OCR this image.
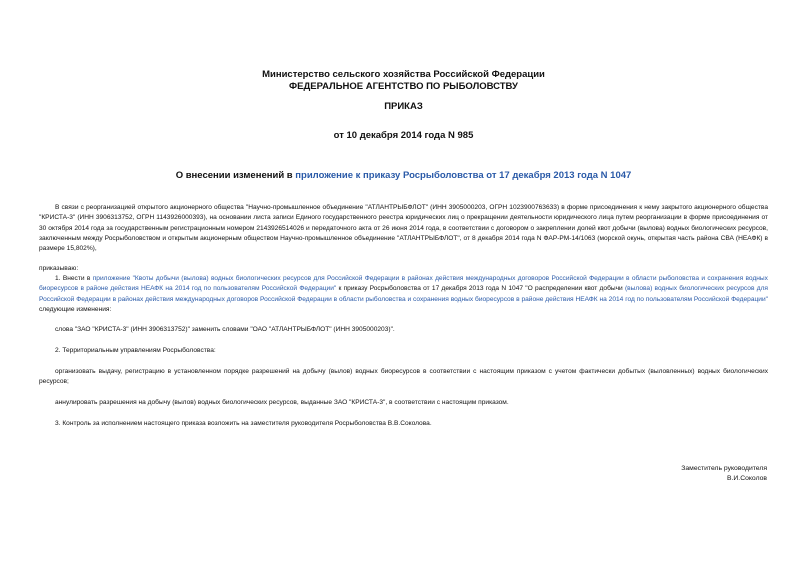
Министерство сельского хозяйства Российской Федерации
ФЕДЕРАЛЬНОЕ АГЕНТСТВО ПО РЫБОЛОВСТВУ
ПРИКАЗ
от 10 декабря 2014 года N 985
О внесении изменений в приложение к приказу Росрыболовства от 17 декабря 2013 года N 1047

В связи с реорганизацией открытого акционерного общества "Научно-промышленное объединение "АТЛАНТРЫБФЛОТ" (ИНН 3905000203, ОГРН 1023900763633) в форме присоединения к нему закрытого акционерного общества "КРИСТА-3" (ИНН 3906313752, ОГРН 1143926000393), на основании листа записи Единого государственного реестра юридических лиц о прекращении деятельности юридического лица путем реорганизации в форме присоединения от 30 октября 2014 года за государственным регистрационным номером 2143926514026 и передаточного акта от 26 июня 2014 года, в соответствии с договором о закреплении долей квот добычи (вылова) водных биологических ресурсов, заключенным между Росрыболовством и открытым акционерным обществом Научно-промышленное объединение "АТЛАНТРЫБФЛОТ", от 8 декабря 2014 года N ФАР-РМ-14/1063 (морской окунь, открытая часть района СВА (НЕАФК) в размере 15,802%),

приказываю:

1. Внести в приложение "Квоты добычи (вылова) водных биологических ресурсов для Российской Федерации в районах действия международных договоров Российской Федерации в области рыболовства и сохранения водных биоресурсов в районе действия НЕАФК на 2014 год по пользователям Российской Федерации" к приказу Росрыболовства от 17 декабря 2013 года N 1047 "О распределении квот добычи (вылова) водных биологических ресурсов для Российской Федерации в районах действия международных договоров Российской Федерации в области рыболовства и сохранения водных биоресурсов в районе действия НЕАФК на 2014 год по пользователям Российской Федерации" следующие изменения:

слова "ЗАО "КРИСТА-3" (ИНН 3906313752)" заменить словами "ОАО "АТЛАНТРЫБФЛОТ" (ИНН 3905000203)".

2. Территориальным управлениям Росрыболовства:

организовать выдачу, регистрацию в установленном порядке разрешений на добычу (вылов) водных биоресурсов в соответствии с настоящим приказом с учетом фактически добытых (выловленных) водных биологических ресурсов;

аннулировать разрешения на добычу (вылов) водных биологических ресурсов, выданные ЗАО "КРИСТА-3", в соответствии с настоящим приказом.

3. Контроль за исполнением настоящего приказа возложить на заместителя руководителя Росрыболовства В.В.Соколова.

Заместитель руководителя
В.И.Соколов
